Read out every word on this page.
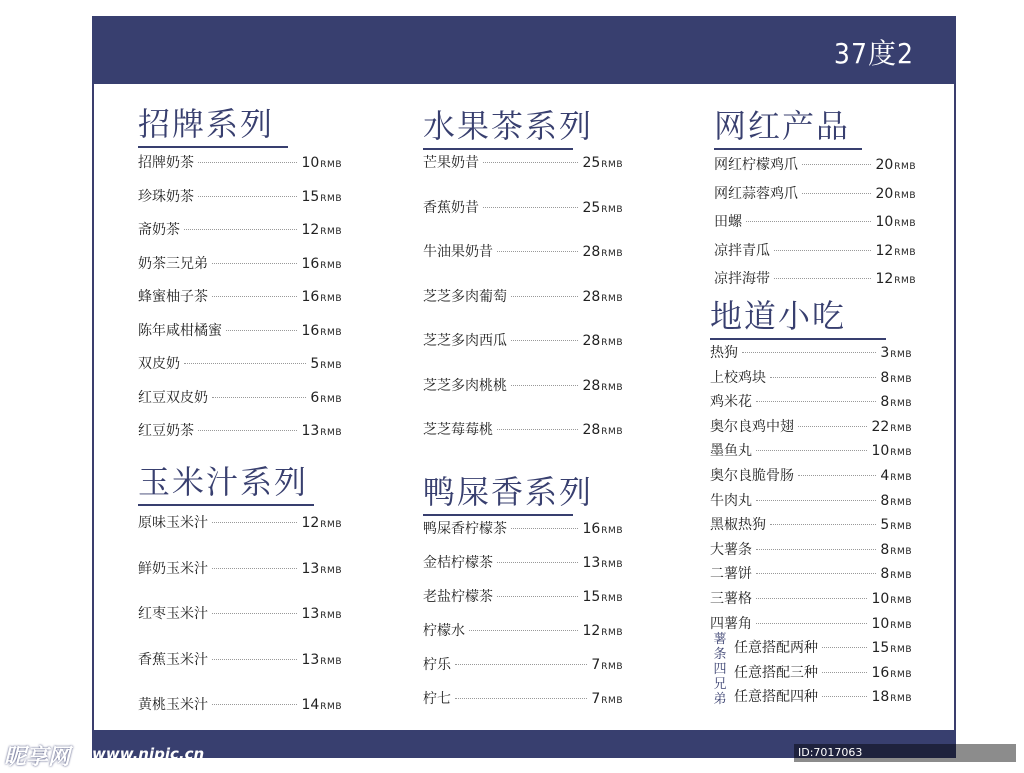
37度2
招牌系列
招牌奶茶	10RMB
珍珠奶茶	15RMB
斋奶茶	12RMB
奶茶三兄弟	16RMB
蜂蜜柚子茶	16RMB
陈年咸柑橘蜜	16RMB
双皮奶	5RMB
红豆双皮奶	6RMB
红豆奶茶	13RMB
玉米汁系列
原味玉米汁	12RMB
鲜奶玉米汁	13RMB
红枣玉米汁	13RMB
香蕉玉米汁	13RMB
黄桃玉米汁	14RMB
水果茶系列
芒果奶昔	25RMB
香蕉奶昔	25RMB
牛油果奶昔	28RMB
芝芝多肉葡萄	28RMB
芝芝多肉西瓜	28RMB
芝芝多肉桃桃	28RMB
芝芝莓莓桃	28RMB
鸭屎香系列
鸭屎香柠檬茶	16RMB
金桔柠檬茶	13RMB
老盐柠檬茶	15RMB
柠檬水	12RMB
柠乐	7RMB
柠七	7RMB
网红产品
网红柠檬鸡爪	20RMB
网红蒜蓉鸡爪	20RMB
田螺	10RMB
凉拌青瓜	12RMB
凉拌海带	12RMB
地道小吃
热狗	3RMB
上校鸡块	8RMB
鸡米花	8RMB
奥尔良鸡中翅	22RMB
墨鱼丸	10RMB
奥尔良脆骨肠	4RMB
牛肉丸	8RMB
黑椒热狗	5RMB
大薯条	8RMB
二薯饼	8RMB
三薯格	10RMB
四薯角	10RMB
任意搭配两种	15RMB
任意搭配三种	16RMB
任意搭配四种	18RMB
薯
条
四
兄
弟
昵享网 www.nipic.cn	ID:7017063 NO:20211014092617366100
